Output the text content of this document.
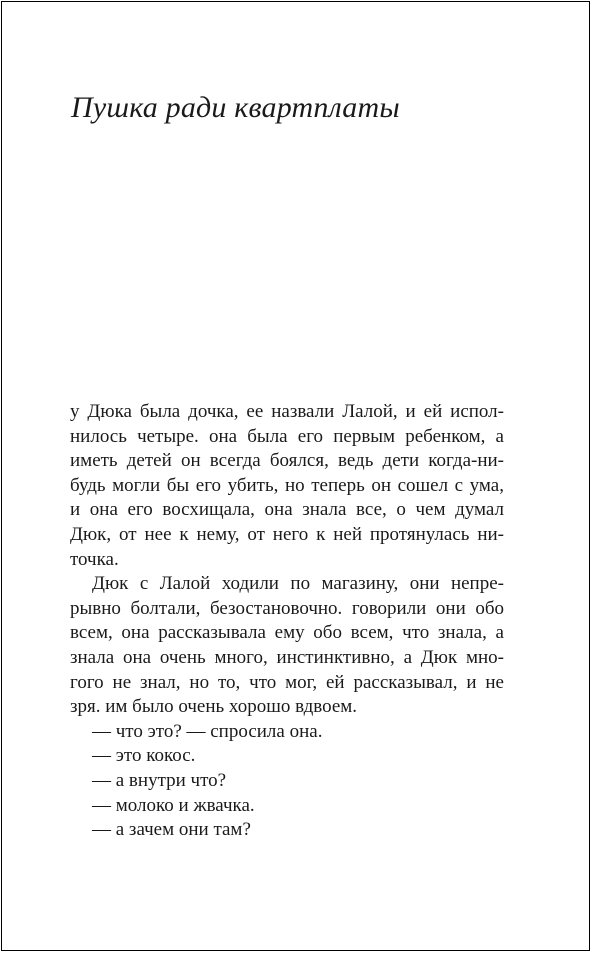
Пушка ради квартплаты
у Дюка была дочка, ее назвали Лалой, и ей испол-
нилось четыре. она была его первым ребенком, а
иметь детей он всегда боялся, ведь дети когда-ни-
будь могли бы его убить, но теперь он сошел с ума,
и она его восхищала, она знала все, о чем думал
Дюк, от нее к нему, от него к ней протянулась ни-
точка.
Дюк с Лалой ходили по магазину, они непре-
рывно болтали, безостановочно. говорили они обо
всем, она рассказывала ему обо всем, что знала, а
знала она очень много, инстинктивно, а Дюк мно-
гого не знал, но то, что мог, ей рассказывал, и не
зря. им было очень хорошо вдвоем.
— что это? — спросила она.
— это кокос.
— а внутри что?
— молоко и жвачка.
— а зачем они там?
